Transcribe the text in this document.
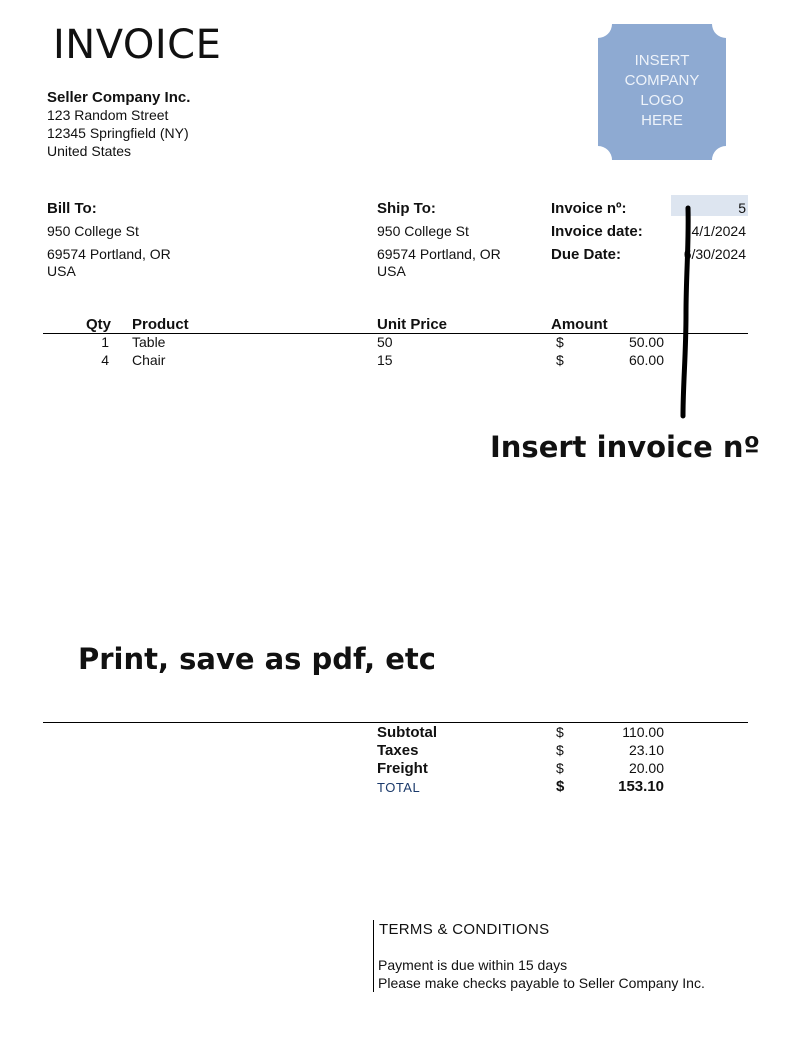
INVOICE
Seller Company Inc.
123 Random Street
12345 Springfield (NY)
United States
INSERT
COMPANY
LOGO
HERE
Bill To:
950 College St
69574 Portland, OR
USA
Ship To:
950 College St
69574 Portland, OR
USA
Invoice nº:	5
Invoice date:	4/1/2024
Due Date:	6/30/2024
Qty Product	Unit Price	Amount
1 Table	50	$	50.00
4 Chair	15	$	60.00
Insert invoice nº
Print, save as pdf, etc
Subtotal	$	110.00
Taxes	$	23.10
Freight	$	20.00
TOTAL	$	153.10
TERMS & CONDITIONS
Payment is due within 15 days
Please make checks payable to Seller Company Inc.
